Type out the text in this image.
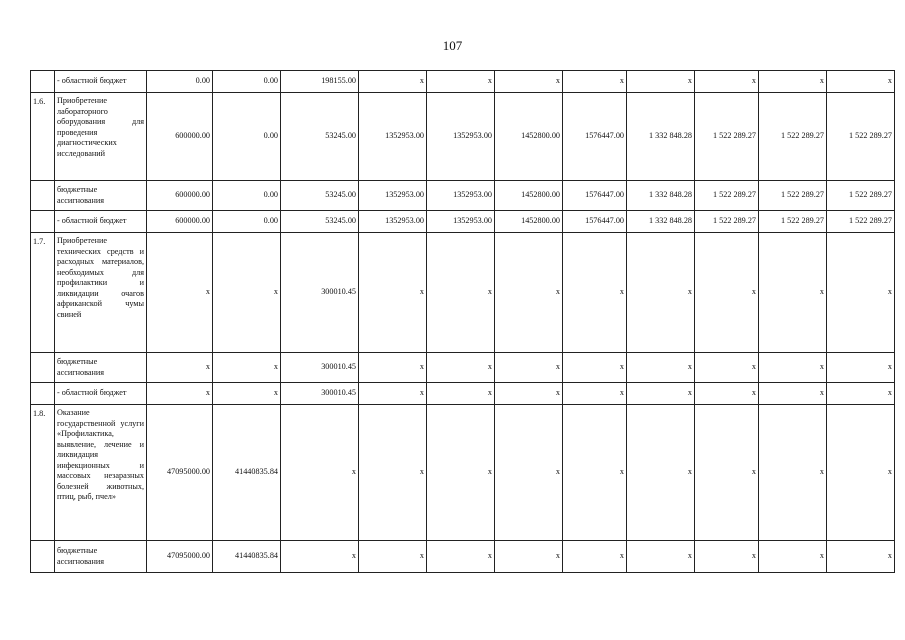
107
	- областной бюджет	0.00	0.00	198155.00	x	x	x	x	x	x	x	x
1.6.	Приобретение лабораторного оборудования для проведения диагностических исследований	600000.00	0.00	53245.00	1352953.00	1352953.00	1452800.00	1576447.00	1 332 848.28	1 522 289.27	1 522 289.27	1 522 289.27
	бюджетные ассигнования	600000.00	0.00	53245.00	1352953.00	1352953.00	1452800.00	1576447.00	1 332 848.28	1 522 289.27	1 522 289.27	1 522 289.27
	- областной бюджет	600000.00	0.00	53245.00	1352953.00	1352953.00	1452800.00	1576447.00	1 332 848.28	1 522 289.27	1 522 289.27	1 522 289.27
1.7.	Приобретение технических средств и расходных материалов, необходимых для профилактики и ликвидации очагов африканской чумы свиней	x	x	300010.45	x	x	x	x	x	x	x	x
	бюджетные ассигнования	x	x	300010.45	x	x	x	x	x	x	x	x
	- областной бюджет	x	x	300010.45	x	x	x	x	x	x	x	x
1.8.	Оказание государственной услуги «Профилактика, выявление, лечение и ликвидация инфекционных и массовых незаразных болезней животных, птиц, рыб, пчел»	47095000.00	41440835.84	x	x	x	x	x	x	x	x	x
	бюджетные ассигнования	47095000.00	41440835.84	x	x	x	x	x	x	x	x	x
